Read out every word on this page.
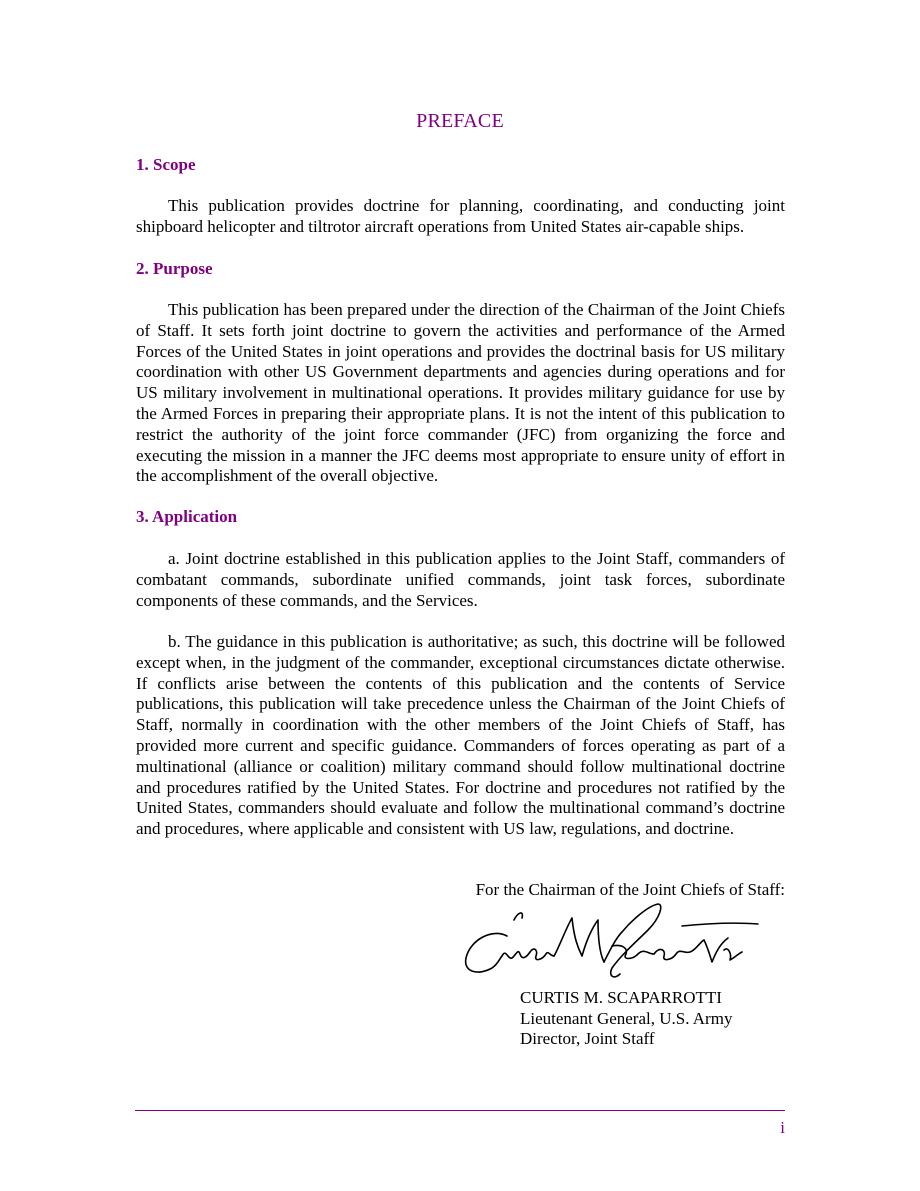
PREFACE
1. Scope

This publication provides doctrine for planning, coordinating, and conducting joint shipboard helicopter and tiltrotor aircraft operations from United States air-capable ships.

2. Purpose

This publication has been prepared under the direction of the Chairman of the Joint Chiefs of Staff. It sets forth joint doctrine to govern the activities and performance of the Armed Forces of the United States in joint operations and provides the doctrinal basis for US military coordination with other US Government departments and agencies during operations and for US military involvement in multinational operations. It provides military guidance for use by the Armed Forces in preparing their appropriate plans. It is not the intent of this publication to restrict the authority of the joint force commander (JFC) from organizing the force and executing the mission in a manner the JFC deems most appropriate to ensure unity of effort in the accomplishment of the overall objective.

3. Application

a. Joint doctrine established in this publication applies to the Joint Staff, commanders of combatant commands, subordinate unified commands, joint task forces, subordinate components of these commands, and the Services.

b. The guidance in this publication is authoritative; as such, this doctrine will be followed except when, in the judgment of the commander, exceptional circumstances dictate otherwise. If conflicts arise between the contents of this publication and the contents of Service publications, this publication will take precedence unless the Chairman of the Joint Chiefs of Staff, normally in coordination with the other members of the Joint Chiefs of Staff, has provided more current and specific guidance. Commanders of forces operating as part of a multinational (alliance or coalition) military command should follow multinational doctrine and procedures ratified by the United States. For doctrine and procedures not ratified by the United States, commanders should evaluate and follow the multinational command’s doctrine and procedures, where applicable and consistent with US law, regulations, and doctrine.

For the Chairman of the Joint Chiefs of Staff:
CURTIS M. SCAPARROTTI
Lieutenant General, U.S. Army
Director, Joint Staff
i
